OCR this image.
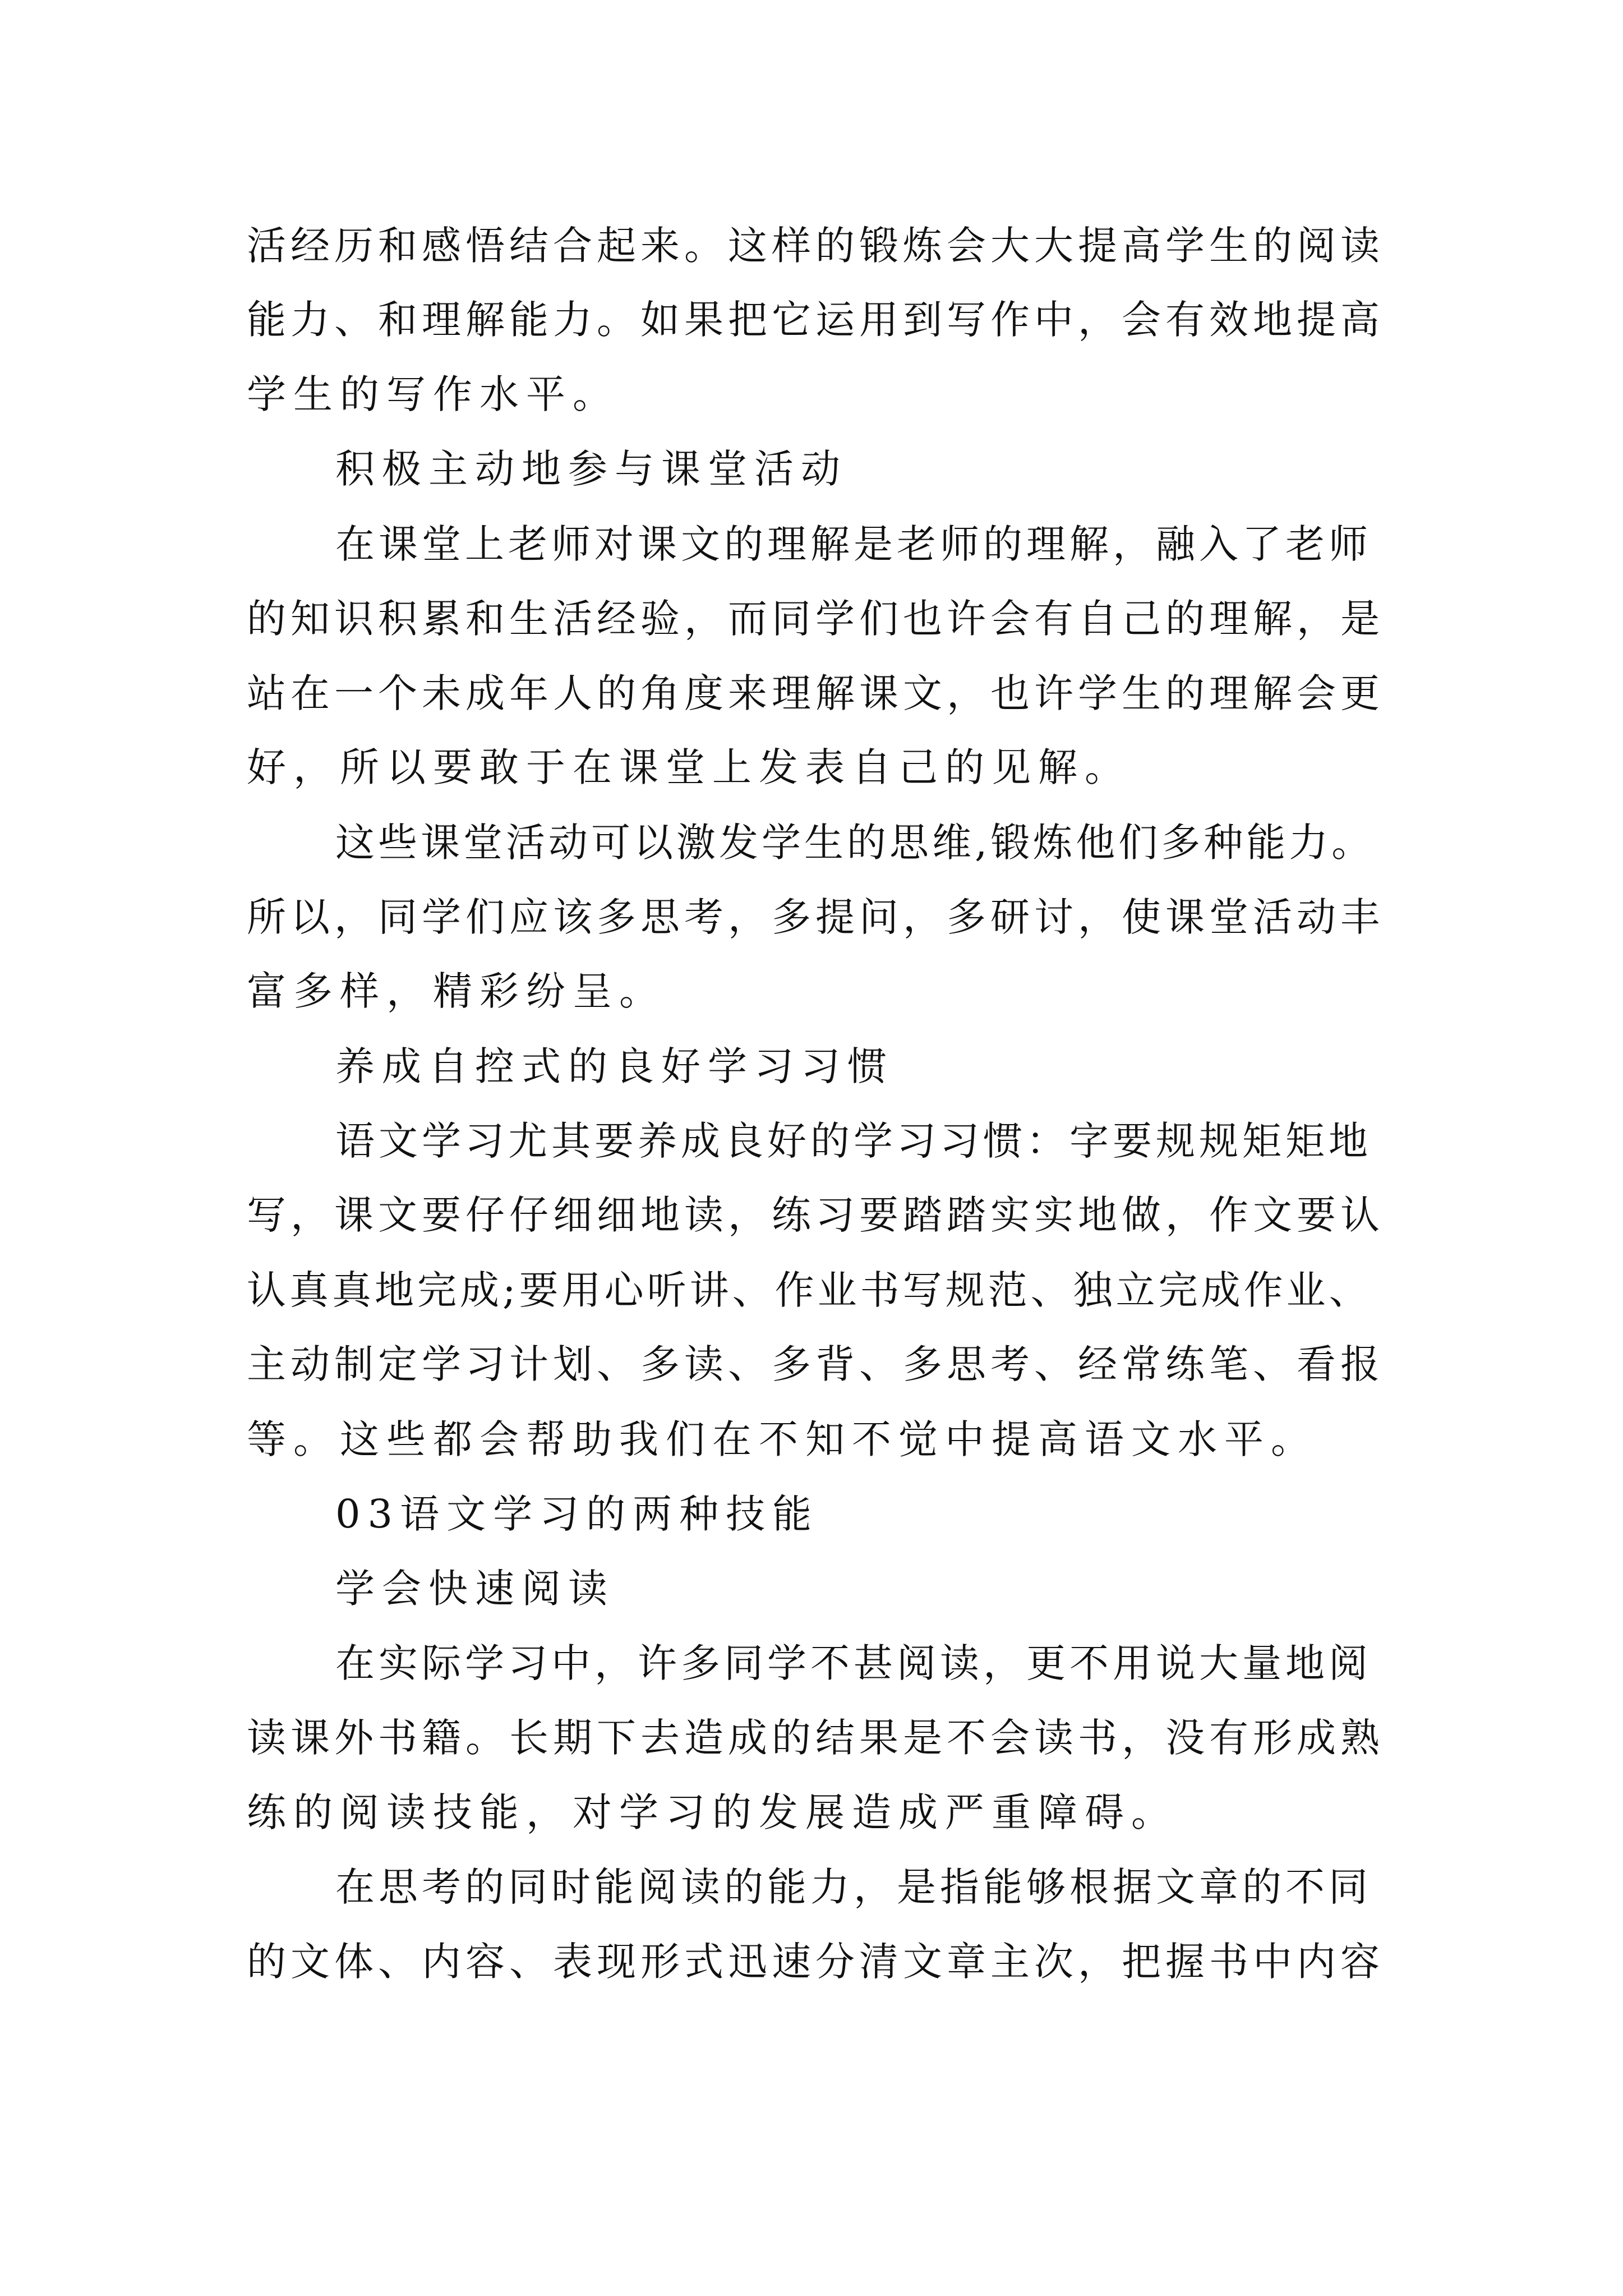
活经历和感悟结合起来。这样的锻炼会大大提高学生的阅读
能力、和理解能力。如果把它运用到写作中，会有效地提高
学生的写作水平。
积极主动地参与课堂活动
在课堂上老师对课文的理解是老师的理解，融入了老师
的知识积累和生活经验，而同学们也许会有自己的理解，是
站在一个未成年人的角度来理解课文，也许学生的理解会更
好，所以要敢于在课堂上发表自己的见解。
这些课堂活动可以激发学生的思维,锻炼他们多种能力。
所以，同学们应该多思考，多提问，多研讨，使课堂活动丰
富多样，精彩纷呈。
养成自控式的良好学习习惯
语文学习尤其要养成良好的学习习惯：字要规规矩矩地
写，课文要仔仔细细地读，练习要踏踏实实地做，作文要认
认真真地完成;要用心听讲、作业书写规范、独立完成作业、
主动制定学习计划、多读、多背、多思考、经常练笔、看报
等。这些都会帮助我们在不知不觉中提高语文水平。
03语文学习的两种技能
学会快速阅读
在实际学习中，许多同学不甚阅读，更不用说大量地阅
读课外书籍。长期下去造成的结果是不会读书，没有形成熟
练的阅读技能，对学习的发展造成严重障碍。
在思考的同时能阅读的能力，是指能够根据文章的不同
的文体、内容、表现形式迅速分清文章主次，把握书中内容
